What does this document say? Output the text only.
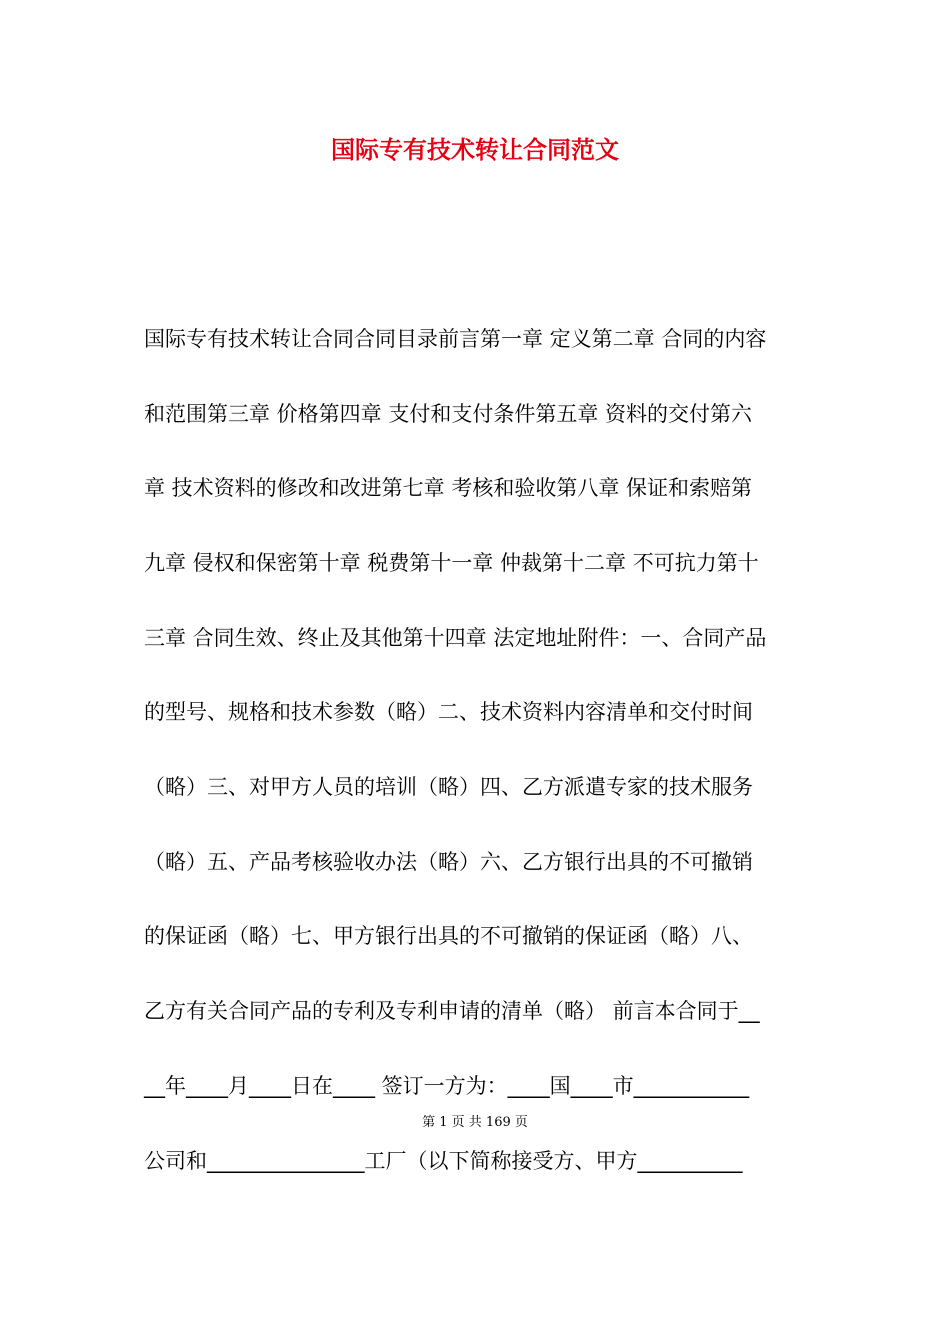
国际专有技术转让合同范文

国际专有技术转让合同合同目录前言第一章 定义第二章 合同的内容

和范围第三章 价格第四章 支付和支付条件第五章 资料的交付第六

章 技术资料的修改和改进第七章 考核和验收第八章 保证和索赔第

九章 侵权和保密第十章 税费第十一章 仲裁第十二章 不可抗力第十

三章 合同生效、终止及其他第十四章 法定地址附件：一、合同产品

的型号、规格和技术参数（略）二、技术资料内容清单和交付时间

（略）三、对甲方人员的培训（略）四、乙方派遣专家的技术服务

（略）五、产品考核验收办法（略）六、乙方银行出具的不可撤销

的保证函（略）七、甲方银行出具的不可撤销的保证函（略）八、

乙方有关合同产品的专利及专利申请的清单（略） 前言本合同于__

__年____月____日在____ 签订一方为：____国____市___________

公司和_______________工厂（以下简称接受方、甲方__________

第 1 页 共 169 页
